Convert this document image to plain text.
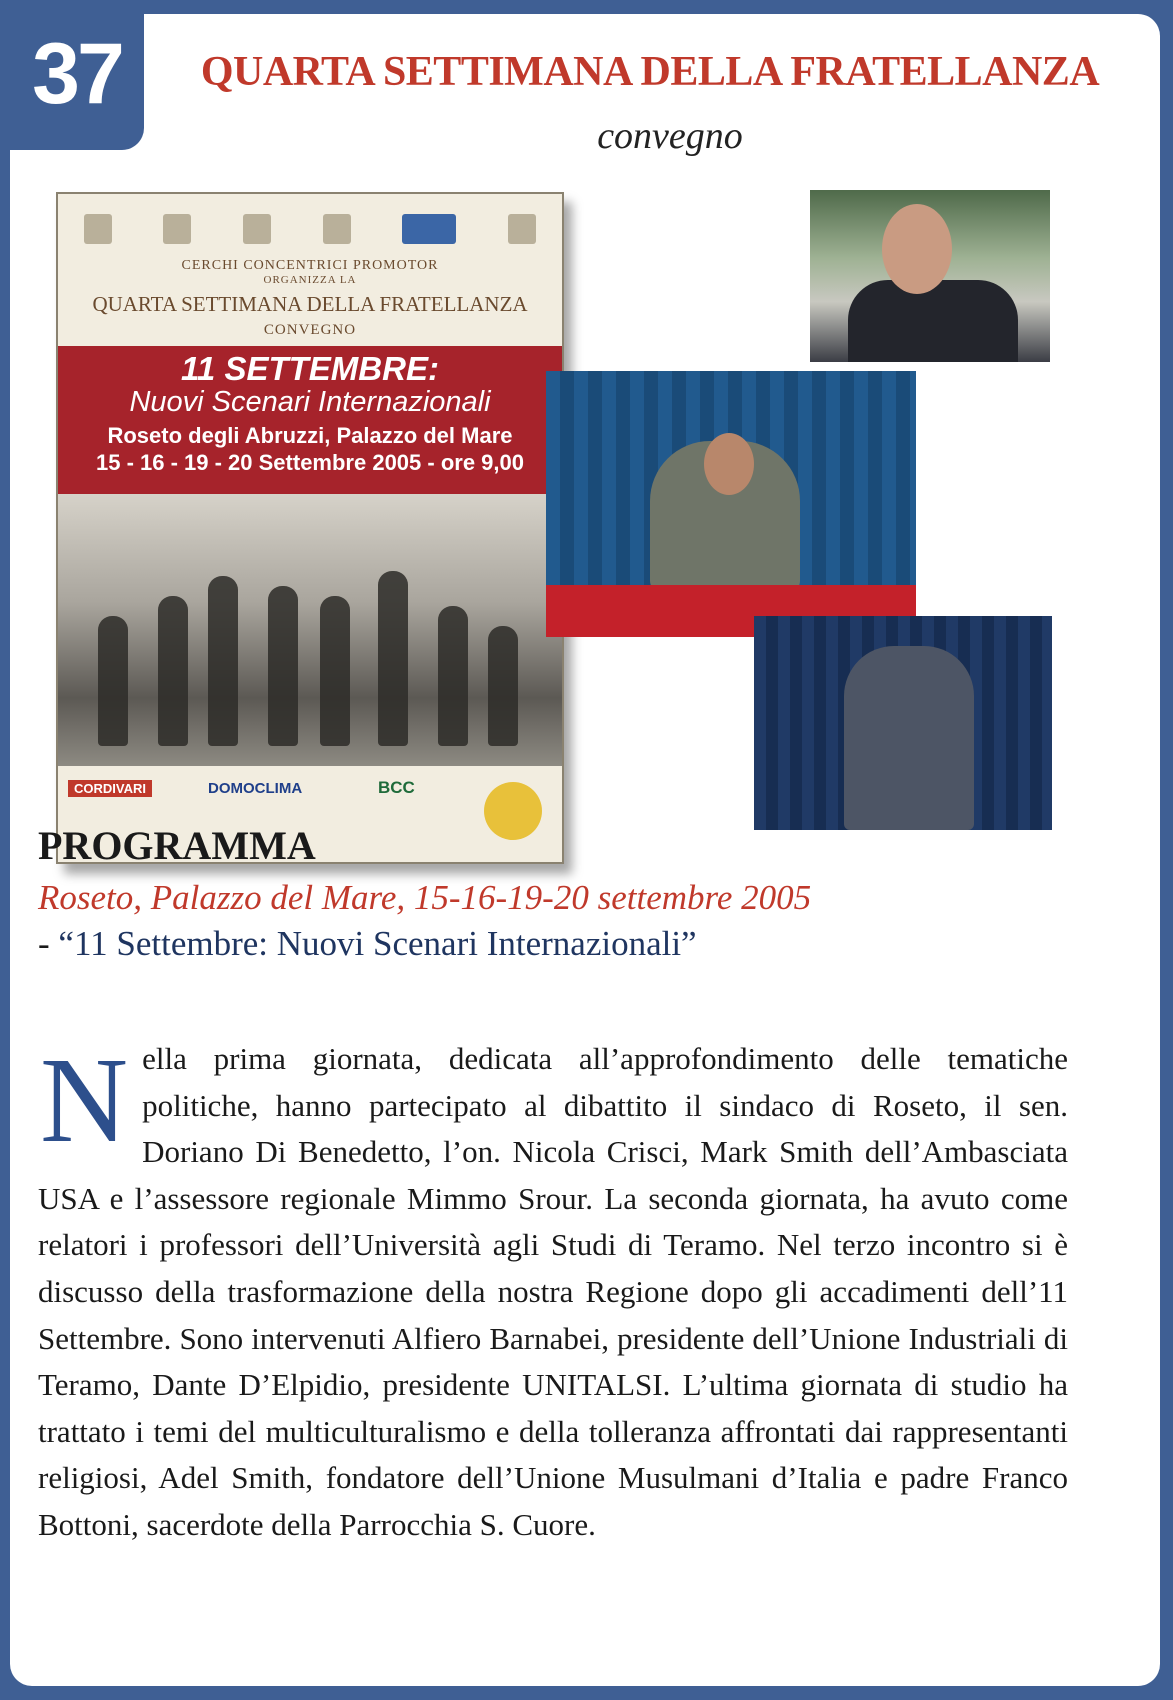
37	QUARTA SETTIMANA DELLA FRATELLANZA
convegno
CERCHI CONCENTRICI PROMOTOR
ORGANIZZA LA
QUARTA SETTIMANA DELLA FRATELLANZA
CONVEGNO
11 SETTEMBRE:
Nuovi Scenari Internazionali
Roseto degli Abruzzi, Palazzo del Mare
15 - 16 - 19 - 20 Settembre 2005 - ore 9,00
CORDIVARI	DOMOCLIMA	BCC
PROGRAMMA
Roseto, Palazzo del Mare, 15-16-19-20 settembre 2005
- “11 Settembre: Nuovi Scenari Internazionali”
Nella prima giornata, dedicata all’approfondimento delle tematiche politiche, hanno partecipato al dibattito il sindaco di Roseto, il sen. Doriano Di Benedetto, l’on. Nicola Crisci, Mark Smith dell’Ambasciata USA e l’assessore regionale Mimmo Srour. La seconda giornata, ha avuto come relatori i professori dell’Università agli Studi di Teramo. Nel terzo incontro si è discusso della trasformazione della nostra Regione dopo gli accadimenti dell’11 Settembre. Sono intervenuti Alfiero Barnabei, presidente dell’Unione Industriali di Teramo, Dante D’Elpidio, presidente UNITALSI. L’ultima giornata di studio ha trattato i temi del multiculturalismo e della tolleranza affrontati dai rappresentanti religiosi, Adel Smith, fondatore dell’Unione Musulmani d’Italia e padre Franco Bottoni, sacerdote della Parrocchia S. Cuore.
